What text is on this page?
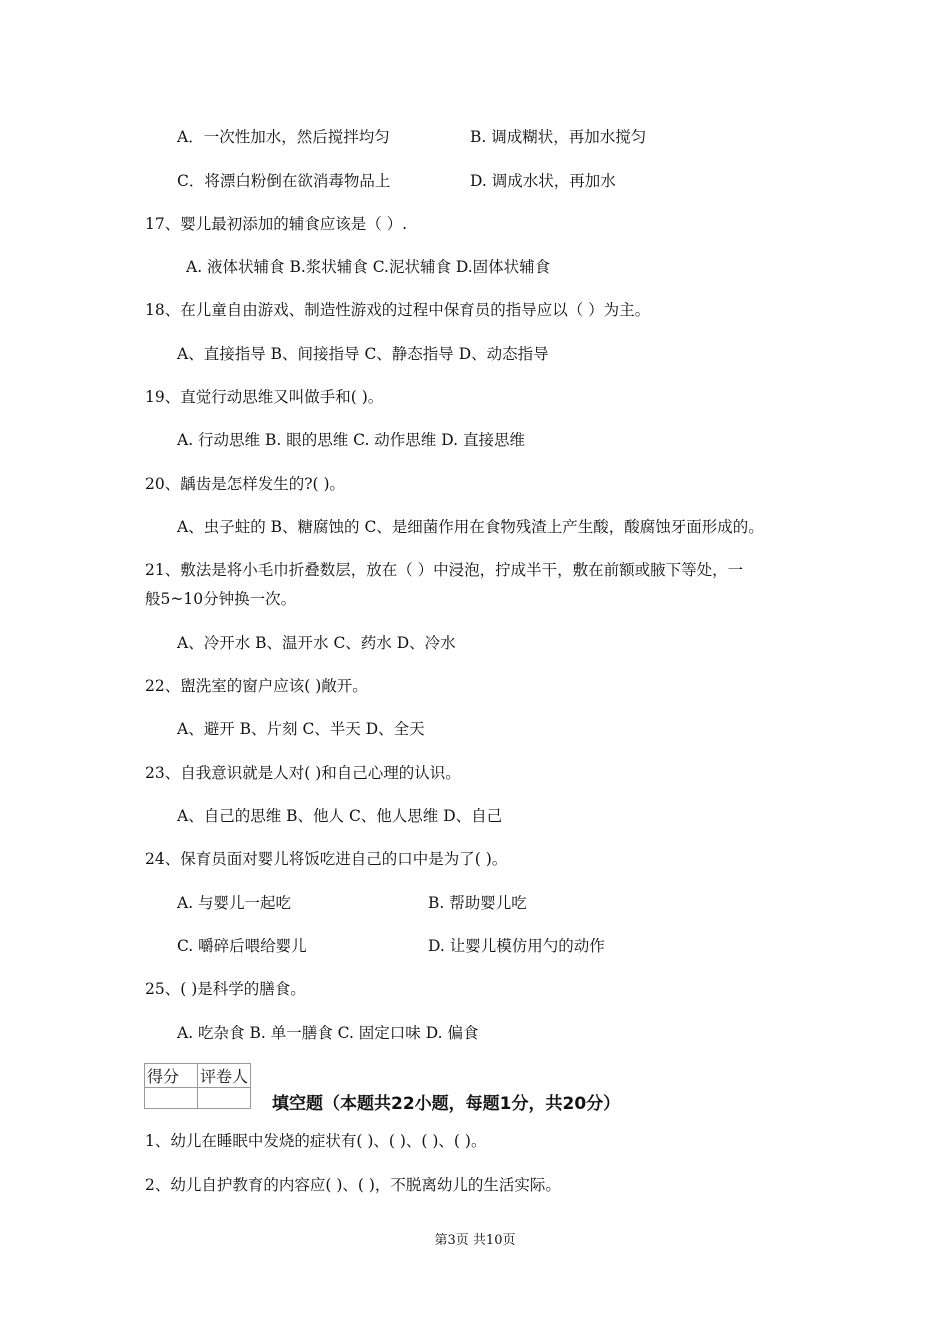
A．一次性加水，然后搅拌均匀	B. 调成糊状，再加水搅匀
C．将漂白粉倒在欲消毒物品上	D. 调成水状，再加水
17、婴儿最初添加的辅食应该是（ ）.
A. 液体状辅食 B.浆状辅食 C.泥状辅食 D.固体状辅食
18、在儿童自由游戏、制造性游戏的过程中保育员的指导应以（ ）为主。
A、直接指导 B、间接指导 C、静态指导 D、动态指导
19、直觉行动思维又叫做手和( )。
A. 行动思维 B. 眼的思维 C. 动作思维 D. 直接思维
20、龋齿是怎样发生的?( )。
A、虫子蛀的 B、糖腐蚀的 C、是细菌作用在食物残渣上产生酸，酸腐蚀牙面形成的。
21、敷法是将小毛巾折叠数层，放在（ ）中浸泡，拧成半干，敷在前额或腋下等处，一
般5~10分钟换一次。
A、冷开水 B、温开水 C、药水 D、冷水
22、盥洗室的窗户应该( )敞开。
A、避开 B、片刻 C、半天 D、全天
23、自我意识就是人对( )和自己心理的认识。
A、自己的思维 B、他人 C、他人思维 D、自己
24、保育员面对婴儿将饭吃进自己的口中是为了( )。
A. 与婴儿一起吃	B. 帮助婴儿吃
C. 嚼碎后喂给婴儿	D. 让婴儿模仿用勺的动作
25、( )是科学的膳食。
A. 吃杂食 B. 单一膳食 C. 固定口味 D. 偏食
得分	评卷人

填空题（本题共22小题，每题1分，共20分）
1、幼儿在睡眠中发烧的症状有( )、( )、( )、( )。
2、幼儿自护教育的内容应( )、( )，不脱离幼儿的生活实际。
第3页 共10页
